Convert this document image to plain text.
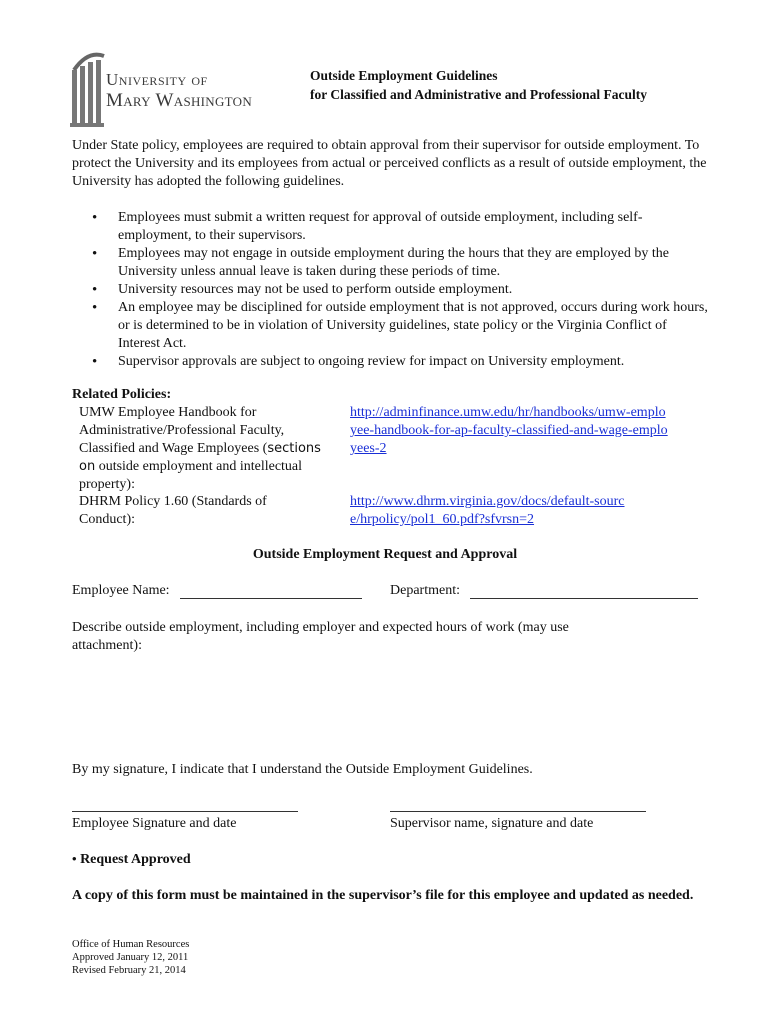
University of
Mary Washington
Outside Employment Guidelines
for Classified and Administrative and Professional Faculty
Under State policy, employees are required to obtain approval from their supervisor for outside employment. To protect the University and its employees from actual or perceived conflicts as a result of outside employment, the University has adopted the following guidelines.
• Employees must submit a written request for approval of outside employment, including self-employment, to their supervisors.
• Employees may not engage in outside employment during the hours that they are employed by the University unless annual leave is taken during these periods of time.
• University resources may not be used to perform outside employment.
• An employee may be disciplined for outside employment that is not approved, occurs during work hours, or is determined to be in violation of University guidelines, state policy or the Virginia Conflict of Interest Act.
• Supervisor approvals are subject to ongoing review for impact on University employment.
Related Policies:
UMW Employee Handbook for Administrative/Professional Faculty, Classified and Wage Employees (sections on outside employment and intellectual property):
http://adminfinance.umw.edu/hr/handbooks/umw-employee-handbook-for-ap-faculty-classified-and-wage-employees-2
DHRM Policy 1.60 (Standards of Conduct):
http://www.dhrm.virginia.gov/docs/default-source/hrpolicy/pol1_60.pdf?sfvrsn=2
Outside Employment Request and Approval
Employee Name:	Department:
Describe outside employment, including employer and expected hours of work (may use attachment):
By my signature, I indicate that I understand the Outside Employment Guidelines.
Employee Signature and date	Supervisor name, signature and date
• Request Approved
A copy of this form must be maintained in the supervisor’s file for this employee and updated as needed.
Office of Human Resources
Approved January 12, 2011
Revised February 21, 2014
